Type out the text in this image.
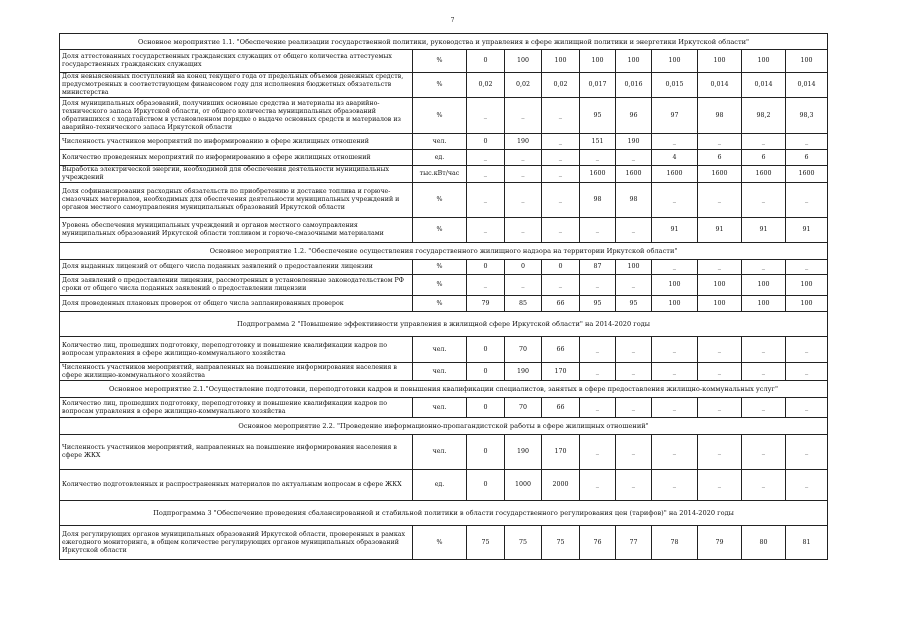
7
Основное мероприятие 1.1. "Обеспечение реализации государственной политики, руководства и управления в сфере жилищной политики и энергетики Иркутской области"										
Доля аттестованных государственных гражданских служащих от общего количества аттестуемых государственных гражданских служащих	%	0	100	100	100	100	100	100	100	100
Доля невыясненных поступлений на конец текущего года от предельных объемов денежных средств, предусмотренных в соответствующем финансовом году для исполнения бюджетных обязательств министерства	%	0,02	0,02	0,02	0,017	0,016	0,015	0,014	0,014	0,014
Доля муниципальных образований, получивших основные средства и материалы из аварийно-технического запаса Иркутской области, от общего количества муниципальных образований обратившихся с ходатайством в установленном порядке о выдаче основных средств и материалов из аварийно-технического запаса Иркутской области	%	_	_	_	95	96	97	98	98,2	98,3
Численность участников мероприятий по информированию в сфере жилищных отношений	чел.	0	190	_	151	190	_	_	_	_
Количество проведенных мероприятий по информированию в сфере жилищных отношений	ед.	_	_	_	_	_	4	6	6	6
Выработка электрической энергии, необходимой для обеспечения деятельности муниципальных учреждений	тыс.кВт/час	_	_	_	1600	1600	1600	1600	1600	1600
Доля софинансирования расходных обязательств по приобретению и доставке топлива и горюче-смазочных материалов, необходимых для обеспечения деятельности муниципальных учреждений и органов местного самоуправления муниципальных образований Иркутской области	%	_	_	_	98	98	_	_	_	_
Уровень обеспечения муниципальных учреждений и органов местного самоуправления муниципальных образований Иркутской области топливом и горюче-смазочными материалами	%	_	_	_	_	_	91	91	91	91
Основное мероприятие 1.2. "Обеспечение осуществления государственного жилищного надзора на территории Иркутской области"										
Доля выданных лицензий от общего числа поданных заявлений о предоставлении лицензии	%	0	0	0	87	100	_	_	_	_
Доля заявлений о предоставлении лицензии, рассмотренных в установленные законодательством РФ сроки от общего числа поданных заявлений о предоставлении лицензии	%	_	_	_	_	_	100	100	100	100
Доля проведенных плановых проверок от общего числа запланированных проверок	%	79	85	66	95	95	100	100	100	100
Подпрограмма 2 "Повышение эффективности управления в жилищной сфере Иркутской области" на 2014-2020 годы										
Количество лиц, прошедших подготовку, переподготовку и повышение квалификации кадров по вопросам управления в сфере жилищно-коммунального хозяйства	чел.	0	70	66	_	_	_	_	_	_
Численность участников мероприятий, направленных на повышение информирования населения в сфере жилищно-коммунального хозяйства	чел.	0	190	170	_	_	_	_	_	_
Основное мероприятие 2.1."Осуществление подготовки, переподготовки кадров и повышения квалификации специалистов, занятых в сфере предоставления жилищно-коммунальных услуг"										
Количество лиц, прошедших подготовку, переподготовку и повышение квалификации кадров по вопросам управления в сфере жилищно-коммунального хозяйства	чел.	0	70	66	_	_	_	_	_	_
Основное мероприятие 2.2. "Проведение информационно-пропагандистской работы в сфере жилищных отношений"										
Численность участников мероприятий, направленных на повышение информирования населения в сфере ЖКХ	чел.	0	190	170	_	_	_	_	_	_
Количество подготовленных и распространенных материалов по актуальным вопросам в сфере ЖКХ	ед.	0	1000	2000	_	_	_	_	_	_
Подпрограмма 3 "Обеспечение проведения сбалансированной и стабильной политики в области государственного регулирования цен (тарифов)" на 2014-2020 годы										
Доля регулирующих органов муниципальных образований Иркутской области, проверенных в рамках ежегодного мониторинга, в общем количестве регулирующих органов муниципальных образований Иркутской области	%	75	75	75	76	77	78	79	80	81
